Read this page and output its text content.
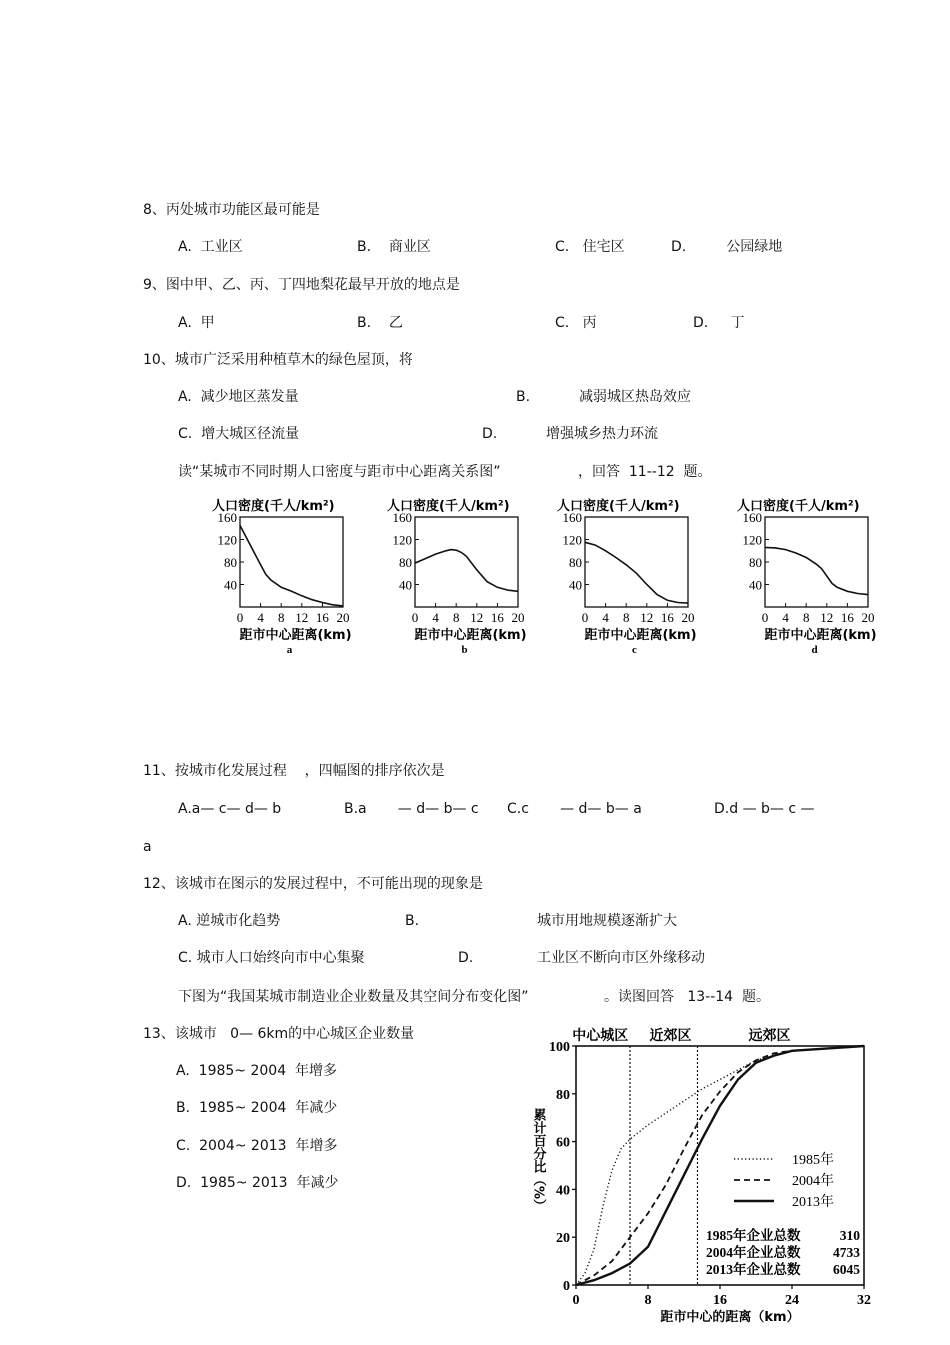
8、丙处城市功能区最可能是
A.  工业区	B.    商业区	C.   住宅区	D.         公园绿地
9、图中甲、乙、丙、丁四地梨花最早开放的地点是
A.  甲	B.    乙	C.   丙	D.     丁
10、城市广泛采用种植草木的绿色屋顶，将
A.  减少地区蒸发量	B.	减弱城区热岛效应
C.  增大城区径流量	D.	增强城乡热力环流
读“某城市不同时期人口密度与距市中心距离关系图”	，回答  11--12  题。
人口密度(千人/km²)
160
120
80
40
0 4 8 12 16 20
距市中心距离(km)
a
人口密度(千人/km²)
160
120
80
40
0 4 8 12 16 20
距市中心距离(km)
b
人口密度(千人/km²)
160
120
80
40
0 4 8 12 16 20
距市中心距离(km)
c
人口密度(千人/km²)
160
120
80
40
0 4 8 12 16 20
距市中心距离(km)
d
11、按城市化发展过程    ，四幅图的排序依次是
A.a— c— d— b	B.a       — d— b— c C.c       — d— b— a	D.d — b— c —
a
12、该城市在图示的发展过程中，不可能出现的现象是
A. 逆城市化趋势	B.	城市用地规模逐渐扩大
C. 城市人口始终向市中心集聚	D.	工业区不断向市区外缘移动
下图为“我国某城市制造业企业数量及其空间分布变化图”	。读图回答   13--14  题。
13、该城市   0— 6km的中心城区企业数量
A.  1985~ 2004  年增多
B.  1985~ 2004  年减少
C.  2004~ 2013  年增多
D.  1985~ 2013  年减少
中心城区 近郊区	远郊区
0
20
40
60
80
100
0	8	16	24	32
距市中心的距离（km）
累计百分比（%）	1985年
2004年
2013年
1985年企业总数	310
2004年企业总数 4733
2013年企业总数 6045
